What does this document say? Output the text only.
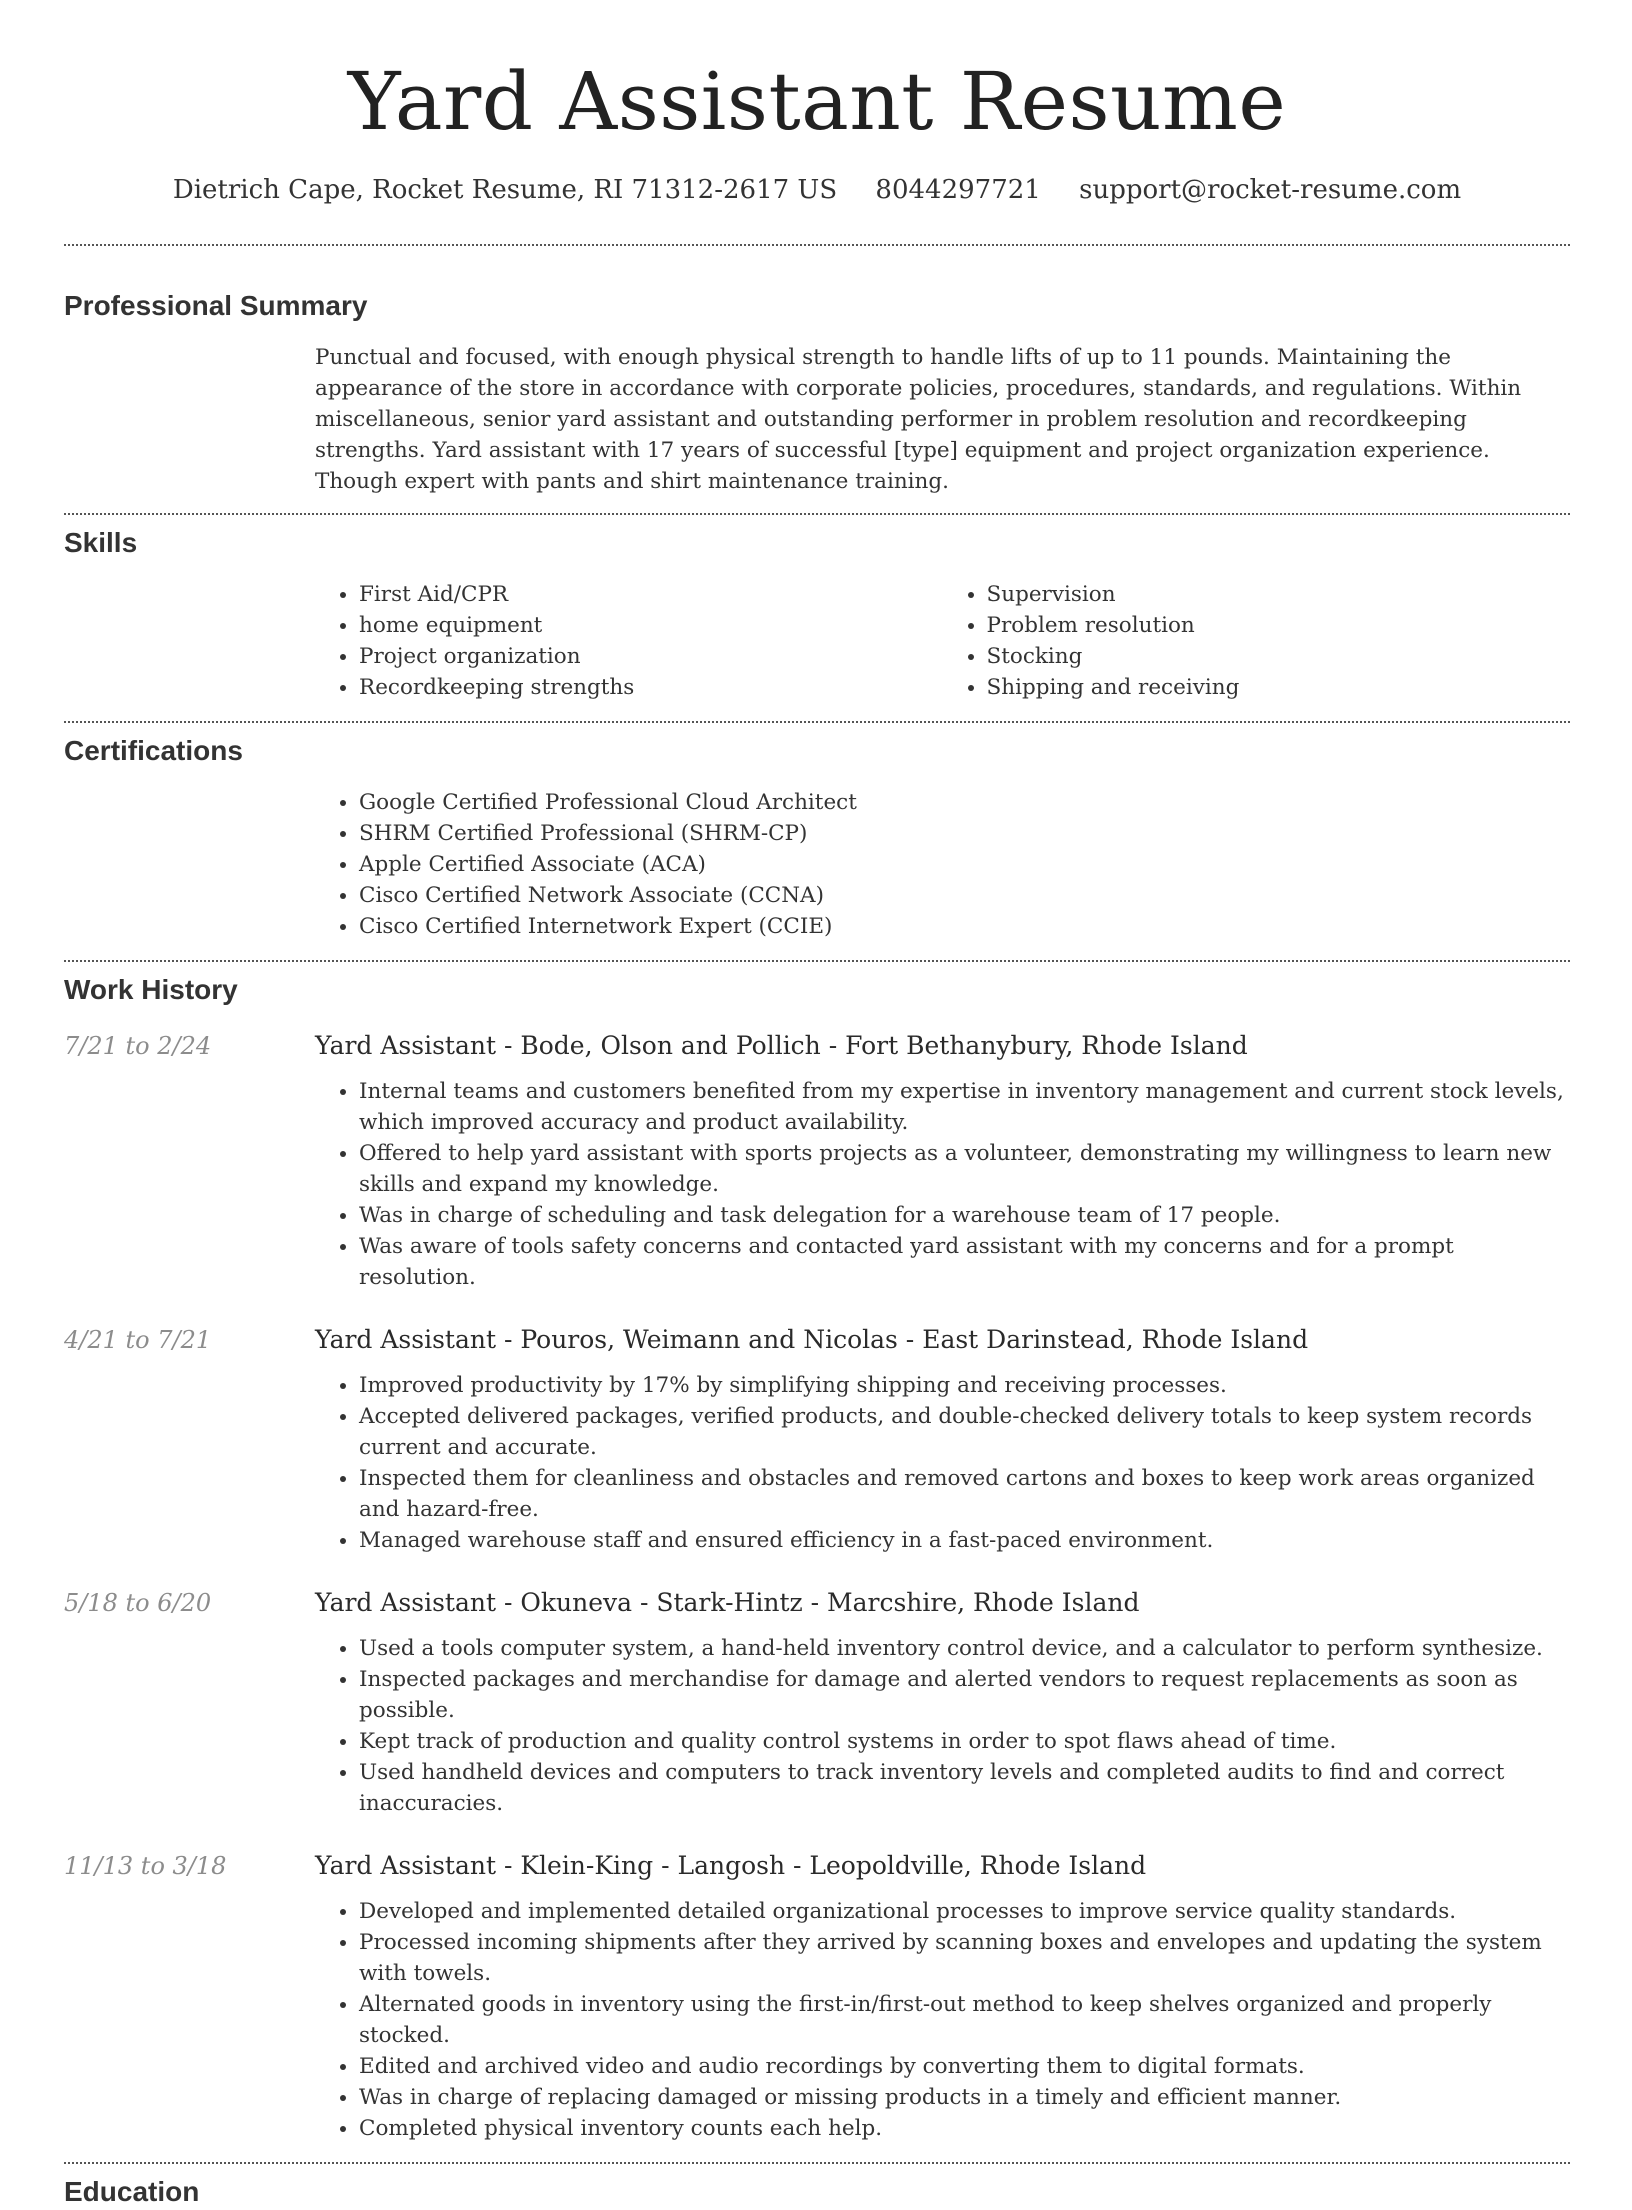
Yard Assistant Resume
Dietrich Cape, Rocket Resume, RI 71312-2617 US 8044297721 support@rocket-resume.com
Professional Summary
Punctual and focused, with enough physical strength to handle lifts of up to 11 pounds. Maintaining the appearance of the store in accordance with corporate policies, procedures, standards, and regulations. Within miscellaneous, senior yard assistant and outstanding performer in problem resolution and recordkeeping strengths. Yard assistant with 17 years of successful [type] equipment and project organization experience. Though expert with pants and shirt maintenance training.
Skills
• First Aid/CPR
• home equipment
• Project organization
• Recordkeeping strengths
• Supervision
• Problem resolution
• Stocking
• Shipping and receiving
Certifications
• Google Certified Professional Cloud Architect
• SHRM Certified Professional (SHRM-CP)
• Apple Certified Associate (ACA)
• Cisco Certified Network Associate (CCNA)
• Cisco Certified Internetwork Expert (CCIE)
Work History
7/21 to 2/24	Yard Assistant - Bode, Olson and Pollich - Fort Bethanybury, Rhode Island
• Internal teams and customers benefited from my expertise in inventory management and current stock levels, which improved accuracy and product availability.
• Offered to help yard assistant with sports projects as a volunteer, demonstrating my willingness to learn new skills and expand my knowledge.
• Was in charge of scheduling and task delegation for a warehouse team of 17 people.
• Was aware of tools safety concerns and contacted yard assistant with my concerns and for a prompt resolution.
4/21 to 7/21	Yard Assistant - Pouros, Weimann and Nicolas - East Darinstead, Rhode Island
• Improved productivity by 17% by simplifying shipping and receiving processes.
• Accepted delivered packages, verified products, and double-checked delivery totals to keep system records current and accurate.
• Inspected them for cleanliness and obstacles and removed cartons and boxes to keep work areas organized and hazard-free.
• Managed warehouse staff and ensured efficiency in a fast-paced environment.
5/18 to 6/20	Yard Assistant - Okuneva - Stark-Hintz - Marcshire, Rhode Island
• Used a tools computer system, a hand-held inventory control device, and a calculator to perform synthesize.
• Inspected packages and merchandise for damage and alerted vendors to request replacements as soon as possible.
• Kept track of production and quality control systems in order to spot flaws ahead of time.
• Used handheld devices and computers to track inventory levels and completed audits to find and correct inaccuracies.
11/13 to 3/18	Yard Assistant - Klein-King - Langosh - Leopoldville, Rhode Island
• Developed and implemented detailed organizational processes to improve service quality standards.
• Processed incoming shipments after they arrived by scanning boxes and envelopes and updating the system with towels.
• Alternated goods in inventory using the first-in/first-out method to keep shelves organized and properly stocked.
• Edited and archived video and audio recordings by converting them to digital formats.
• Was in charge of replacing damaged or missing products in a timely and efficient manner.
• Completed physical inventory counts each help.
Education
